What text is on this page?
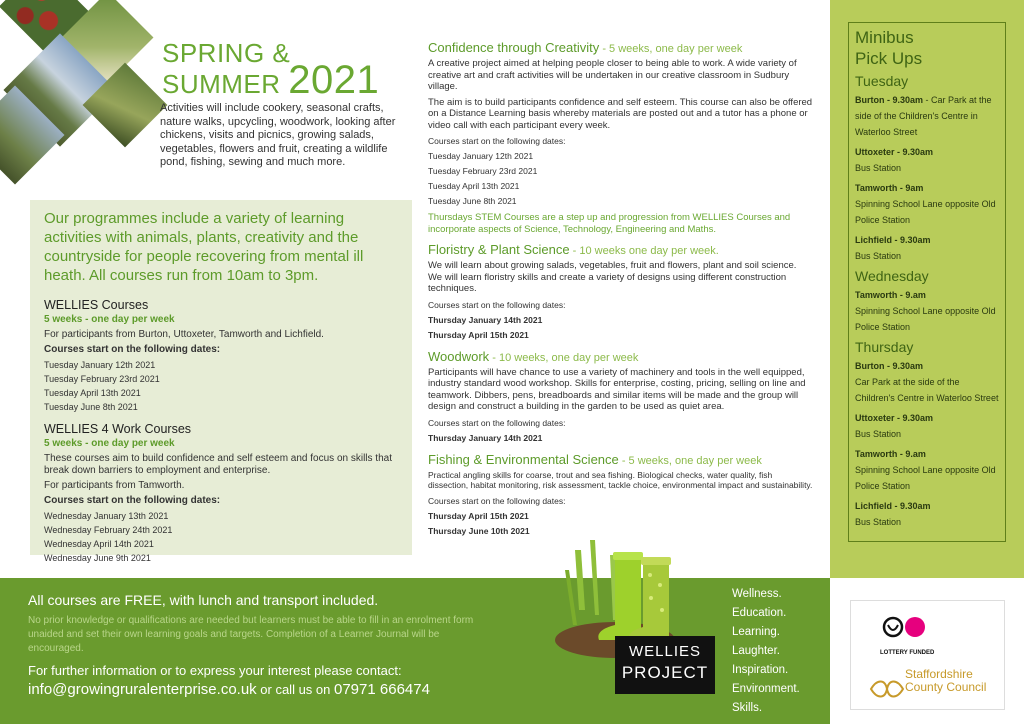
SPRING &
SUMMER 2021
Activities will include cookery, seasonal crafts, nature walks, upcycling, woodwork, looking after chickens, visits and picnics, growing salads, vegetables, flowers and fruit, creating a wildlife pond, fishing, sewing and much more.
Our programmes include a variety of learning activities with animals, plants, creativity and the countryside for people recovering from mental ill heath. All courses run from 10am to 3pm.
WELLIES Courses
5 weeks - one day per week
For participants from Burton, Uttoxeter, Tamworth and Lichfield.
Courses start on the following dates:
Tuesday January 12th 2021
Tuesday February 23rd 2021
Tuesday April 13th 2021
Tuesday June 8th 2021
WELLIES 4 Work Courses
5 weeks - one day per week
These courses aim to build confidence and self esteem and focus on skills that break down barriers to employment and enterprise.
For participants from Tamworth.
Courses start on the following dates:
Wednesday January 13th 2021
Wednesday February 24th 2021
Wednesday April 14th 2021
Wednesday June 9th 2021
Confidence through Creativity - 5 weeks, one day per week
A creative project aimed at helping people closer to being able to work. A wide variety of creative art and craft activities will be undertaken in our creative classroom in Sudbury village.
The aim is to build participants confidence and self esteem. This course can also be offered on a Distance Learning basis whereby materials are posted out and a tutor has a phone or video call with each participant every week.
Courses start on the following dates:
Tuesday January 12th 2021
Tuesday February 23rd 2021
Tuesday April 13th 2021
Tuesday June 8th 2021
Thursdays STEM Courses are a step up and progression from WELLIES Courses and incorporate aspects of Science, Technology, Engineering and Maths.
Floristry & Plant Science - 10 weeks one day per week.
We will learn about growing salads, vegetables, fruit and flowers, plant and soil science. We will learn floristry skills and create a variety of designs using different construction techniques.
Courses start on the following dates:
Thursday January 14th 2021
Thursday April 15th 2021
Woodwork - 10 weeks, one day per week
Participants will have chance to use a variety of machinery and tools in the well equipped, industry standard wood workshop. Skills for enterprise, costing, pricing, selling on line and teamwork. Dibbers, pens, breadboards and similar items will be made and the group will design and construct a building in the garden to be used as quiet area.
Courses start on the following dates:
Thursday January 14th 2021
Fishing & Environmental Science - 5 weeks, one day per week
Practical angling skills for coarse, trout and sea fishing. Biological checks, water quality, fish dissection, habitat monitoring, risk assessment, tackle choice, environmental impact and sustainability.
Courses start on the following dates:
Thursday April 15th 2021
Thursday June 10th 2021
Minibus
Pick Ups
Tuesday
Burton - 9.30am - Car Park at the side of the Children's Centre in Waterloo Street
Uttoxeter - 9.30am
Bus Station
Tamworth - 9am
Spinning School Lane opposite Old Police Station
Lichfield - 9.30am
Bus Station
Wednesday
Tamworth - 9.am
Spinning School Lane opposite Old Police Station
Thursday
Burton - 9.30am
Car Park at the side of the Children's Centre in Waterloo Street
Uttoxeter - 9.30am
Bus Station
Tamworth - 9.am
Spinning School Lane opposite Old Police Station
Lichfield - 9.30am
Bus Station
All courses are FREE, with lunch and transport included.
No prior knowledge or qualifications are needed but learners must be able to fill in an enrolment form unaided and set their own learning goals and targets. Completion of a Learner Journal will be encouraged.
For further information or to express your interest please contact:
info@growingruralenterprise.co.uk or call us on 07971 666474
WELLIES
PROJECT
Wellness.
Education.
Learning.
Laughter.
Inspiration.
Environment.
Skills.
LOTTERY FUNDED
Staffordshire
County Council
